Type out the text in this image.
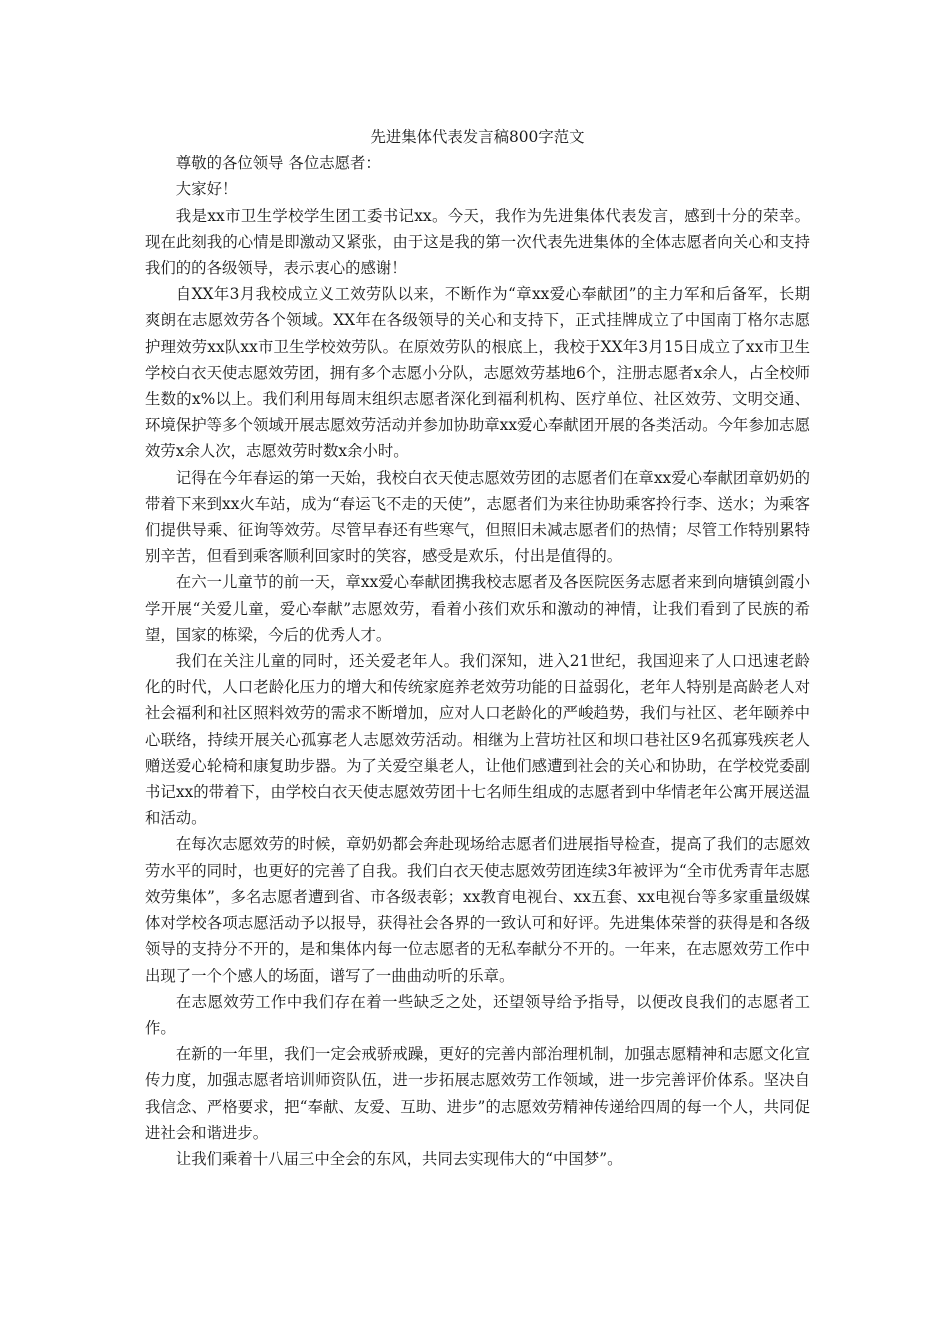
先进集体代表发言稿800字范文

尊敬的各位领导 各位志愿者：

大家好！

我是xx市卫生学校学生团工委书记xx。今天，我作为先进集体代表发言，感到十分的荣幸。现在此刻我的心情是即激动又紧张，由于这是我的第一次代表先进集体的全体志愿者向关心和支持我们的的各级领导，表示衷心的感谢！

自XX年3月我校成立义工效劳队以来，不断作为“章xx爱心奉献团”的主力军和后备军，长期爽朗在志愿效劳各个领域。XX年在各级领导的关心和支持下，正式挂牌成立了中国南丁格尔志愿护理效劳xx队xx市卫生学校效劳队。在原效劳队的根底上，我校于XX年3月15日成立了xx市卫生学校白衣天使志愿效劳团，拥有多个志愿小分队，志愿效劳基地6个，注册志愿者x余人，占全校师生数的x%以上。我们利用每周末组织志愿者深化到福利机构、医疗单位、社区效劳、文明交通、环境保护等多个领域开展志愿效劳活动并参加协助章xx爱心奉献团开展的各类活动。今年参加志愿效劳x余人次，志愿效劳时数x余小时。

记得在今年春运的第一天始，我校白衣天使志愿效劳团的志愿者们在章xx爱心奉献团章奶奶的带着下来到xx火车站，成为“春运飞不走的天使”，志愿者们为来往协助乘客拎行李、送水；为乘客们提供导乘、征询等效劳。尽管早春还有些寒气，但照旧未减志愿者们的热情；尽管工作特别累特别辛苦，但看到乘客顺利回家时的笑容，感受是欢乐，付出是值得的。

在六一儿童节的前一天，章xx爱心奉献团携我校志愿者及各医院医务志愿者来到向塘镇剑霞小学开展“关爱儿童，爱心奉献”志愿效劳，看着小孩们欢乐和激动的神情，让我们看到了民族的希望，国家的栋梁，今后的优秀人才。

我们在关注儿童的同时，还关爱老年人。我们深知，进入21世纪，我国迎来了人口迅速老龄化的时代，人口老龄化压力的增大和传统家庭养老效劳功能的日益弱化，老年人特别是高龄老人对社会福利和社区照料效劳的需求不断增加，应对人口老龄化的严峻趋势，我们与社区、老年颐养中心联络，持续开展关心孤寡老人志愿效劳活动。相继为上营坊社区和坝口巷社区9名孤寡残疾老人赠送爱心轮椅和康复助步器。为了关爱空巢老人，让他们感遭到社会的关心和协助，在学校党委副书记xx的带着下，由学校白衣天使志愿效劳团十七名师生组成的志愿者到中华情老年公寓开展送温和活动。

在每次志愿效劳的时候，章奶奶都会奔赴现场给志愿者们进展指导检查，提高了我们的志愿效劳水平的同时，也更好的完善了自我。我们白衣天使志愿效劳团连续3年被评为“全市优秀青年志愿效劳集体”，多名志愿者遭到省、市各级表彰；xx教育电视台、xx五套、xx电视台等多家重量级媒体对学校各项志愿活动予以报导，获得社会各界的一致认可和好评。先进集体荣誉的获得是和各级领导的支持分不开的，是和集体内每一位志愿者的无私奉献分不开的。一年来，在志愿效劳工作中出现了一个个感人的场面，谱写了一曲曲动听的乐章。

在志愿效劳工作中我们存在着一些缺乏之处，还望领导给予指导，以便改良我们的志愿者工作。

在新的一年里，我们一定会戒骄戒躁，更好的完善内部治理机制，加强志愿精神和志愿文化宣传力度，加强志愿者培训师资队伍，进一步拓展志愿效劳工作领域，进一步完善评价体系。坚决自我信念、严格要求，把“奉献、友爱、互助、进步”的志愿效劳精神传递给四周的每一个人，共同促进社会和谐进步。

让我们乘着十八届三中全会的东风，共同去实现伟大的“中国梦”。
